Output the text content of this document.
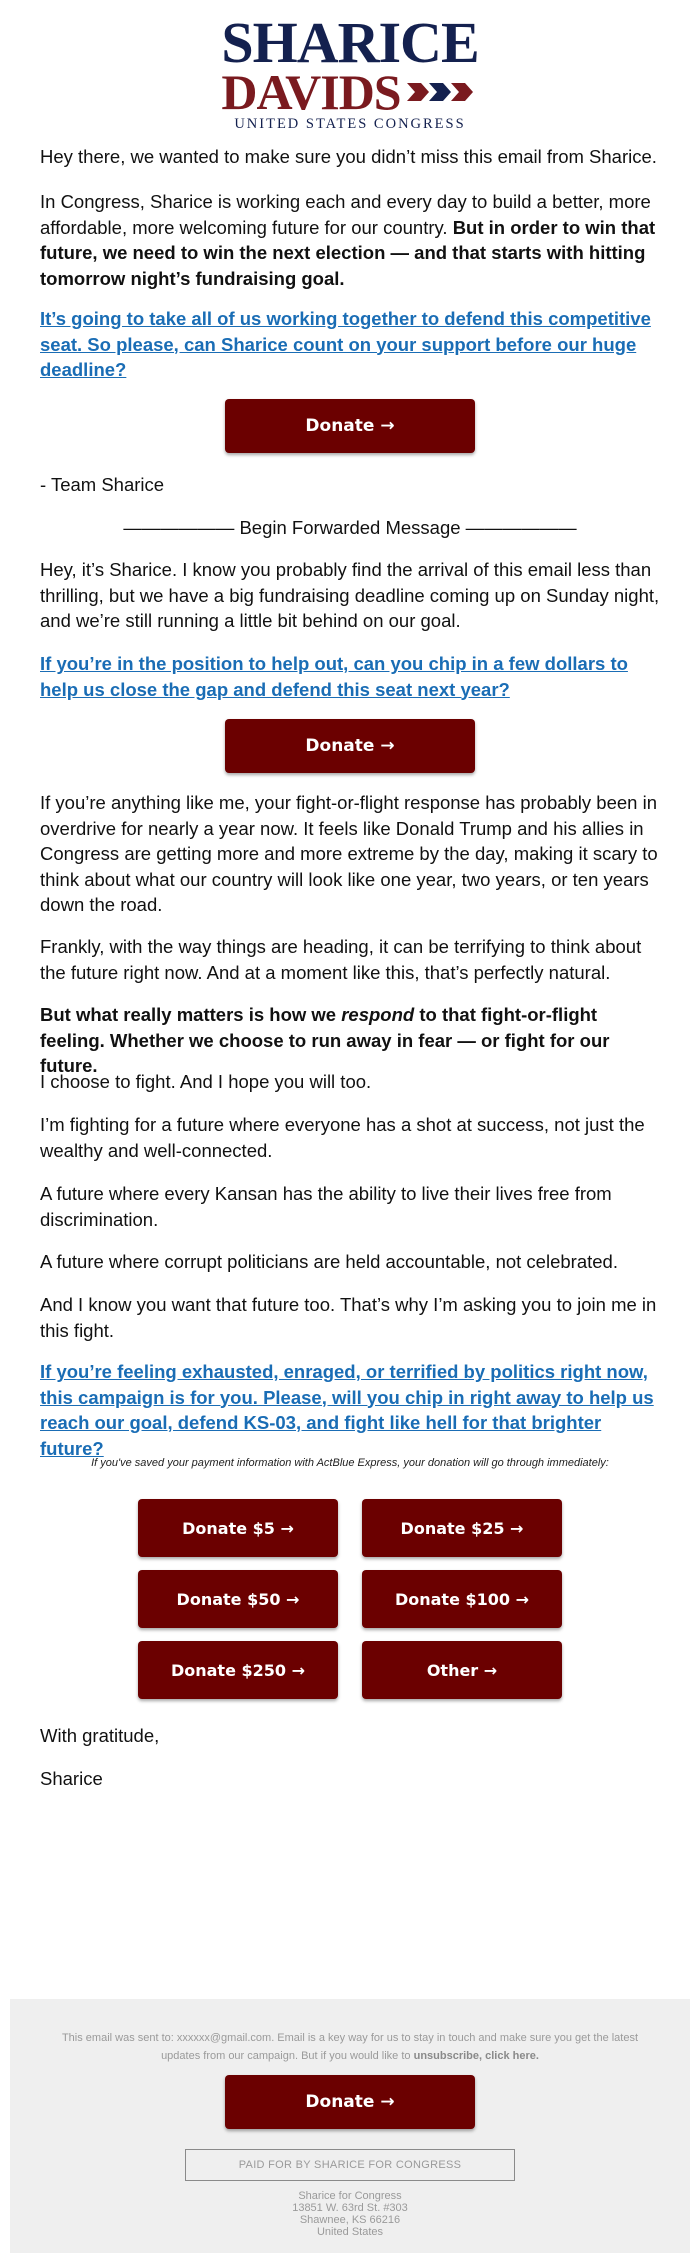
SHARICE
DAVIDS
UNITED STATES CONGRESS

Hey there, we wanted to make sure you didn’t miss this email from Sharice.

In Congress, Sharice is working each and every day to build a better, more affordable, more welcoming future for our country. But in order to win that future, we need to win the next election — and that starts with hitting tomorrow night’s fundraising goal.

It’s going to take all of us working together to defend this competitive seat. So please, can Sharice count on your support before our huge deadline?

Donate →

- Team Sharice

—————— Begin Forwarded Message ——————

Hey, it’s Sharice. I know you probably find the arrival of this email less than thrilling, but we have a big fundraising deadline coming up on Sunday night, and we’re still running a little bit behind on our goal.

If you’re in the position to help out, can you chip in a few dollars to help us close the gap and defend this seat next year?

Donate →

If you’re anything like me, your fight-or-flight response has probably been in overdrive for nearly a year now. It feels like Donald Trump and his allies in Congress are getting more and more extreme by the day, making it scary to think about what our country will look like one year, two years, or ten years down the road.

Frankly, with the way things are heading, it can be terrifying to think about the future right now. And at a moment like this, that’s perfectly natural.

But what really matters is how we respond to that fight-or-flight feeling. Whether we choose to run away in fear — or fight for our future.

I choose to fight. And I hope you will too.

I’m fighting for a future where everyone has a shot at success, not just the wealthy and well-connected.

A future where every Kansan has the ability to live their lives free from discrimination.

A future where corrupt politicians are held accountable, not celebrated.

And I know you want that future too. That’s why I’m asking you to join me in this fight.

If you’re feeling exhausted, enraged, or terrified by politics right now, this campaign is for you. Please, will you chip in right away to help us reach our goal, defend KS-03, and fight like hell for that brighter future?

If you've saved your payment information with ActBlue Express, your donation will go through immediately:
Donate $5 →	Donate $25 →
Donate $50 →	Donate $100 →
Donate $250 →	Other →

With gratitude,

Sharice

This email was sent to: xxxxxx@gmail.com. Email is a key way for us to stay in touch and make sure you get the latest updates from our campaign. But if you would like to unsubscribe, click here.
Donate →
PAID FOR BY SHARICE FOR CONGRESS
Sharice for Congress
13851 W. 63rd St. #303
Shawnee, KS 66216
United States
